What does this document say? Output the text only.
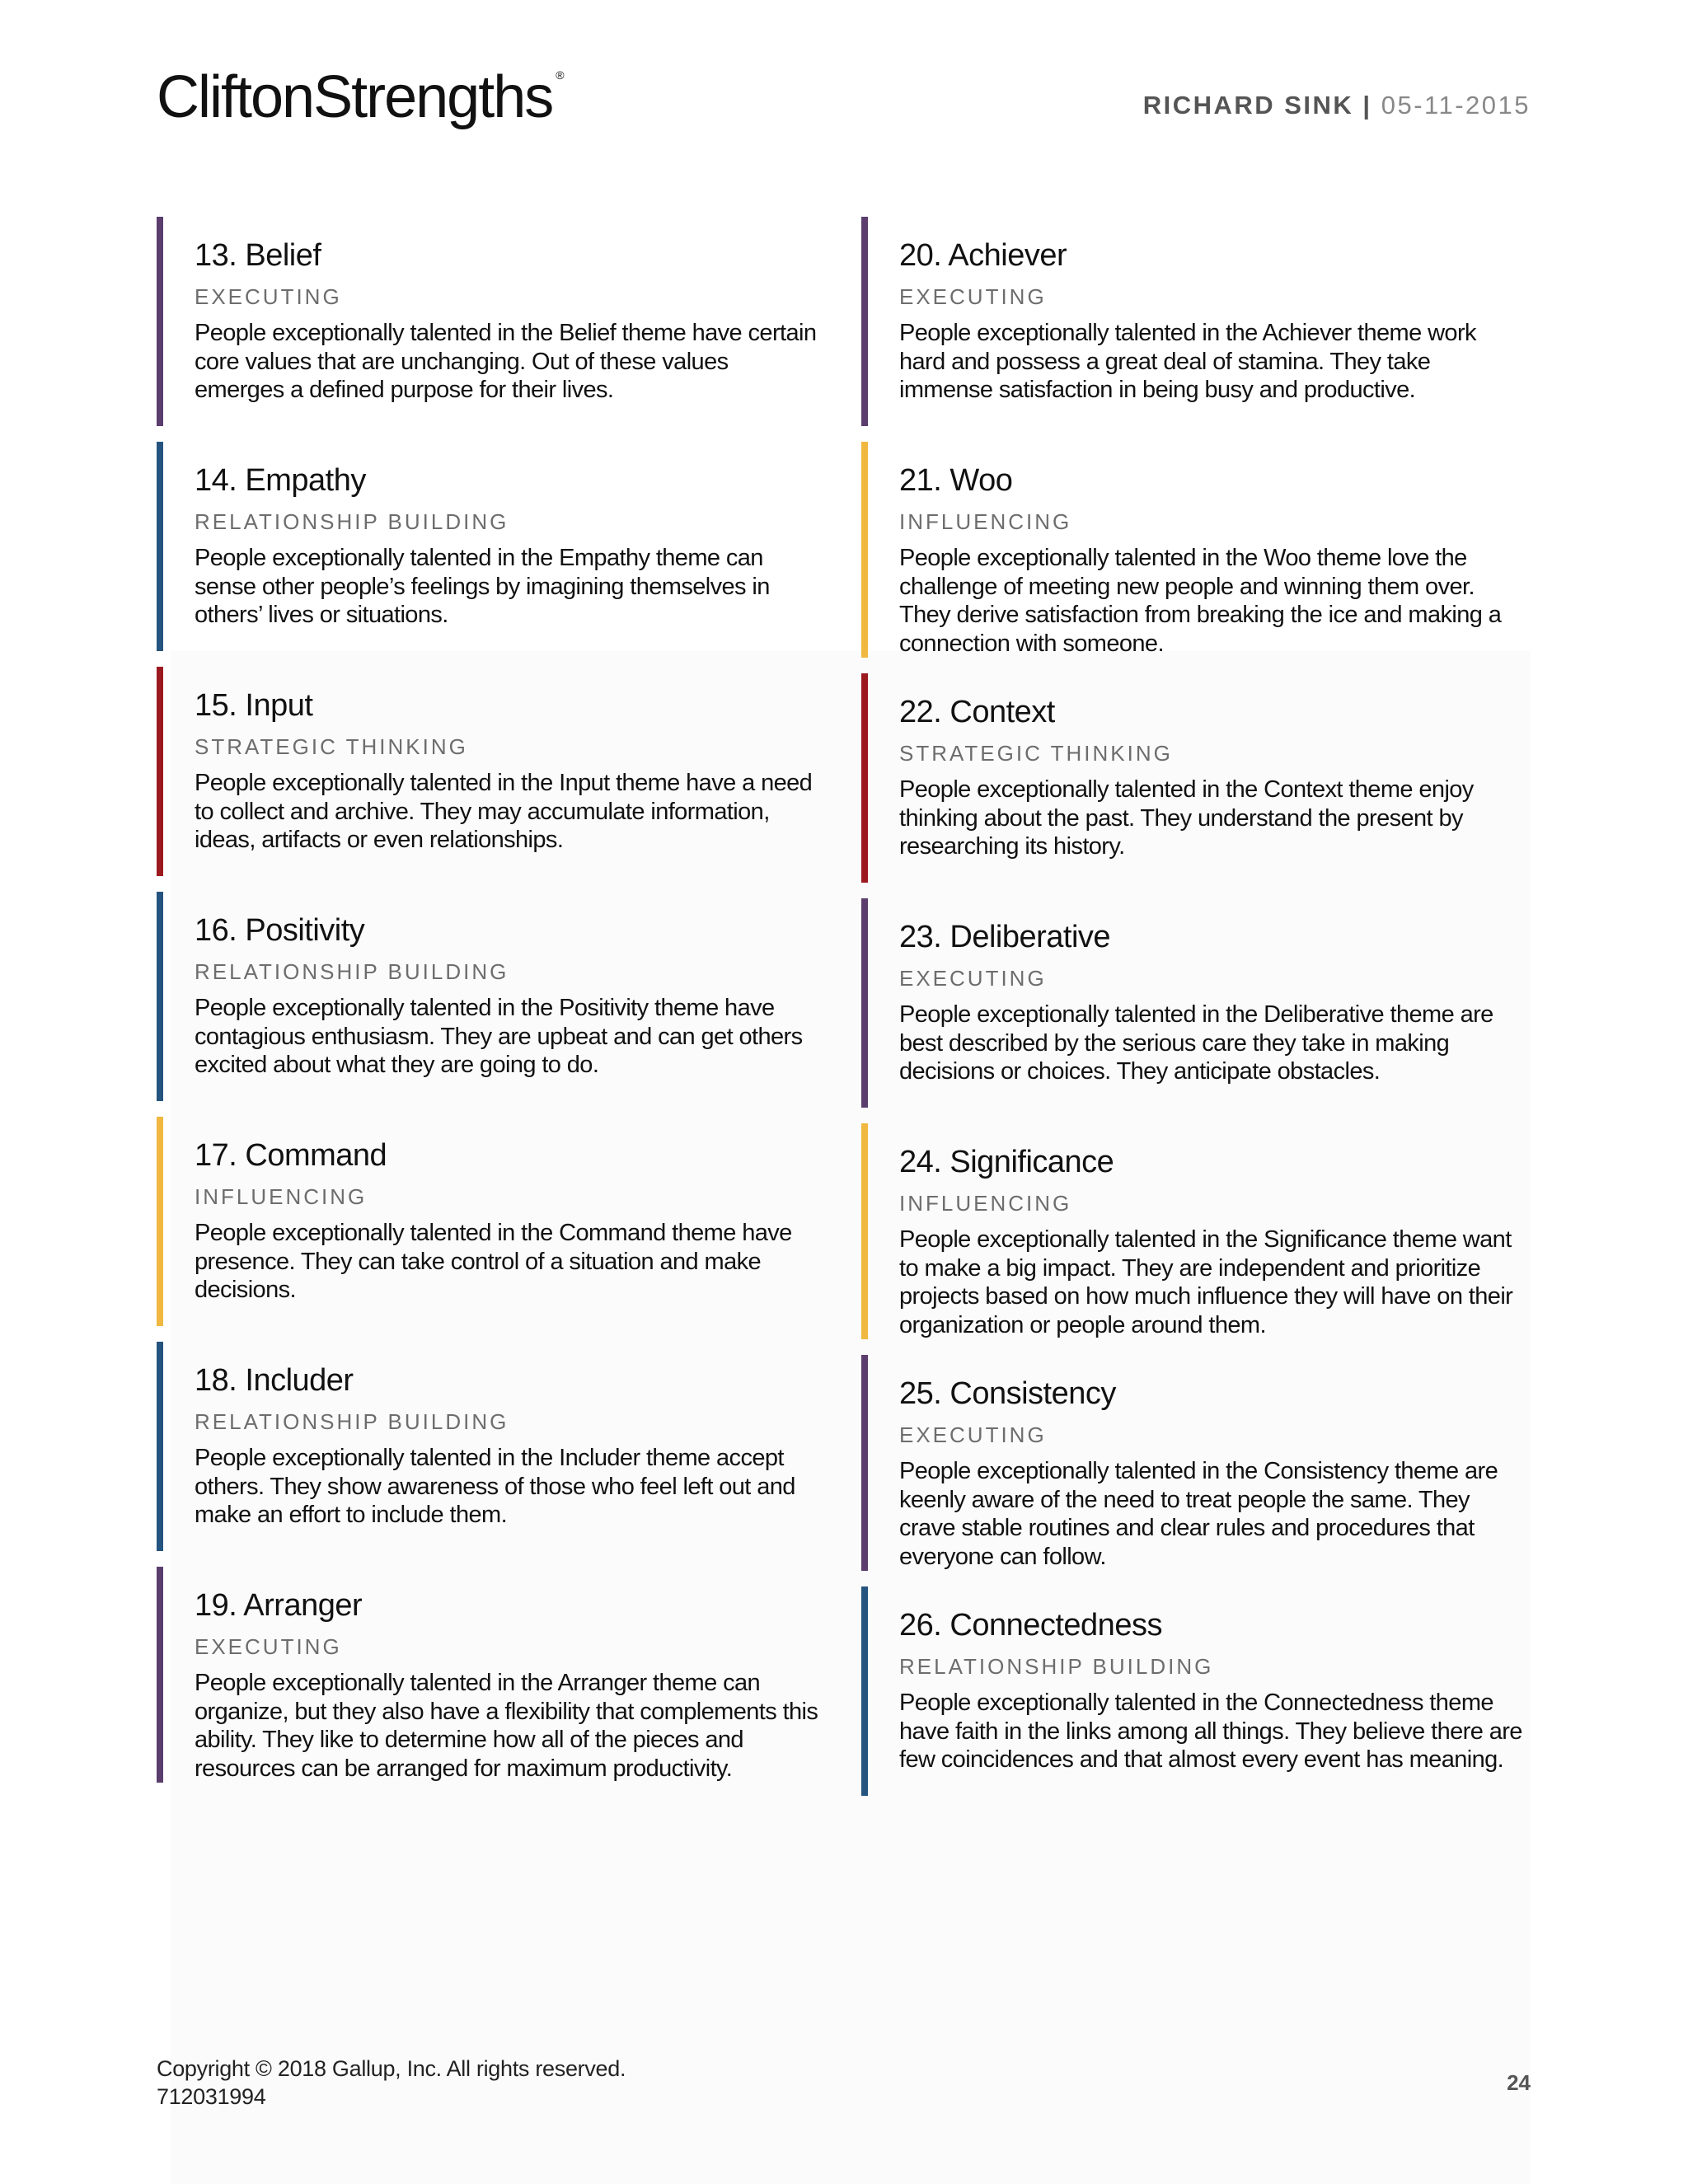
CliftonStrengths ®
RICHARD SINK | 05-11-2015
13. Belief
EXECUTING
People exceptionally talented in the Belief theme have certain core values that are unchanging. Out of these values emerges a defined purpose for their lives.
14. Empathy
RELATIONSHIP BUILDING
People exceptionally talented in the Empathy theme can sense other people’s feelings by imagining themselves in others’ lives or situations.
15. Input
STRATEGIC THINKING
People exceptionally talented in the Input theme have a need to collect and archive. They may accumulate information, ideas, artifacts or even relationships.
16. Positivity
RELATIONSHIP BUILDING
People exceptionally talented in the Positivity theme have contagious enthusiasm. They are upbeat and can get others excited about what they are going to do.
17. Command
INFLUENCING
People exceptionally talented in the Command theme have presence. They can take control of a situation and make decisions.
18. Includer
RELATIONSHIP BUILDING
People exceptionally talented in the Includer theme accept others. They show awareness of those who feel left out and make an effort to include them.
19. Arranger
EXECUTING
People exceptionally talented in the Arranger theme can organize, but they also have a flexibility that complements this ability. They like to determine how all of the pieces and resources can be arranged for maximum productivity.
20. Achiever
EXECUTING
People exceptionally talented in the Achiever theme work hard and possess a great deal of stamina. They take immense satisfaction in being busy and productive.
21. Woo
INFLUENCING
People exceptionally talented in the Woo theme love the challenge of meeting new people and winning them over. They derive satisfaction from breaking the ice and making a connection with someone.
22. Context
STRATEGIC THINKING
People exceptionally talented in the Context theme enjoy thinking about the past. They understand the present by researching its history.
23. Deliberative
EXECUTING
People exceptionally talented in the Deliberative theme are best described by the serious care they take in making decisions or choices. They anticipate obstacles.
24. Significance
INFLUENCING
People exceptionally talented in the Significance theme want to make a big impact. They are independent and prioritize projects based on how much influence they will have on their organization or people around them.
25. Consistency
EXECUTING
People exceptionally talented in the Consistency theme are keenly aware of the need to treat people the same. They crave stable routines and clear rules and procedures that everyone can follow.
26. Connectedness
RELATIONSHIP BUILDING
People exceptionally talented in the Connectedness theme have faith in the links among all things. They believe there are few coincidences and that almost every event has meaning.
Copyright © 2018 Gallup, Inc. All rights reserved.
712031994
24
